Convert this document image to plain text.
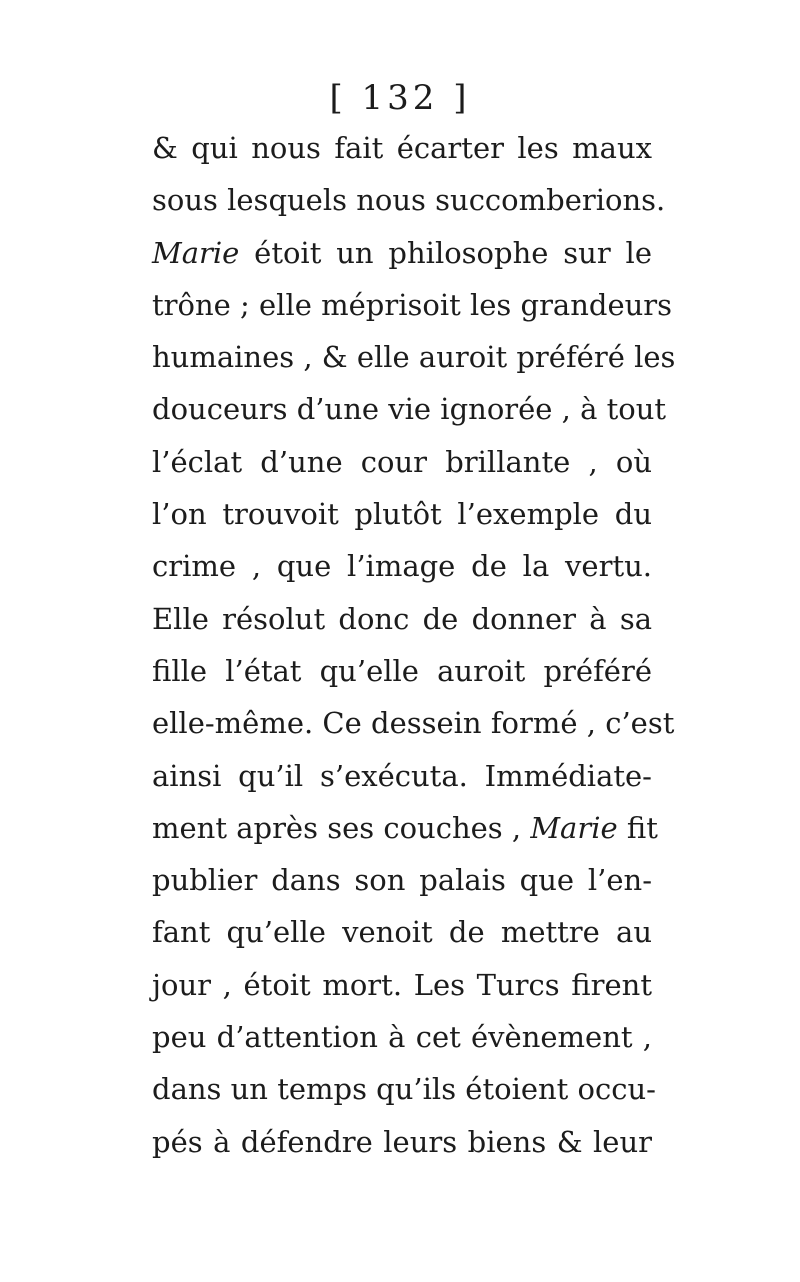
[ 132 ]
& qui nous fait écarter les maux
sous lesquels nous succomberions.
Marie étoit un philosophe sur le
trône ; elle méprisoit les grandeurs
humaines , & elle auroit préféré les
douceurs d’une vie ignorée , à tout
l’éclat d’une cour brillante , où
l’on trouvoit plutôt l’exemple du
crime , que l’image de la vertu.
Elle résolut donc de donner à sa
fille l’état qu’elle auroit préféré
elle-même. Ce dessein formé , c’est
ainsi qu’il s’exécuta. Immédiate-
ment après ses couches , Marie fit
publier dans son palais que l’en-
fant qu’elle venoit de mettre au
jour , étoit mort. Les Turcs firent
peu d’attention à cet évènement ,
dans un temps qu’ils étoient occu-
pés à défendre leurs biens & leur
